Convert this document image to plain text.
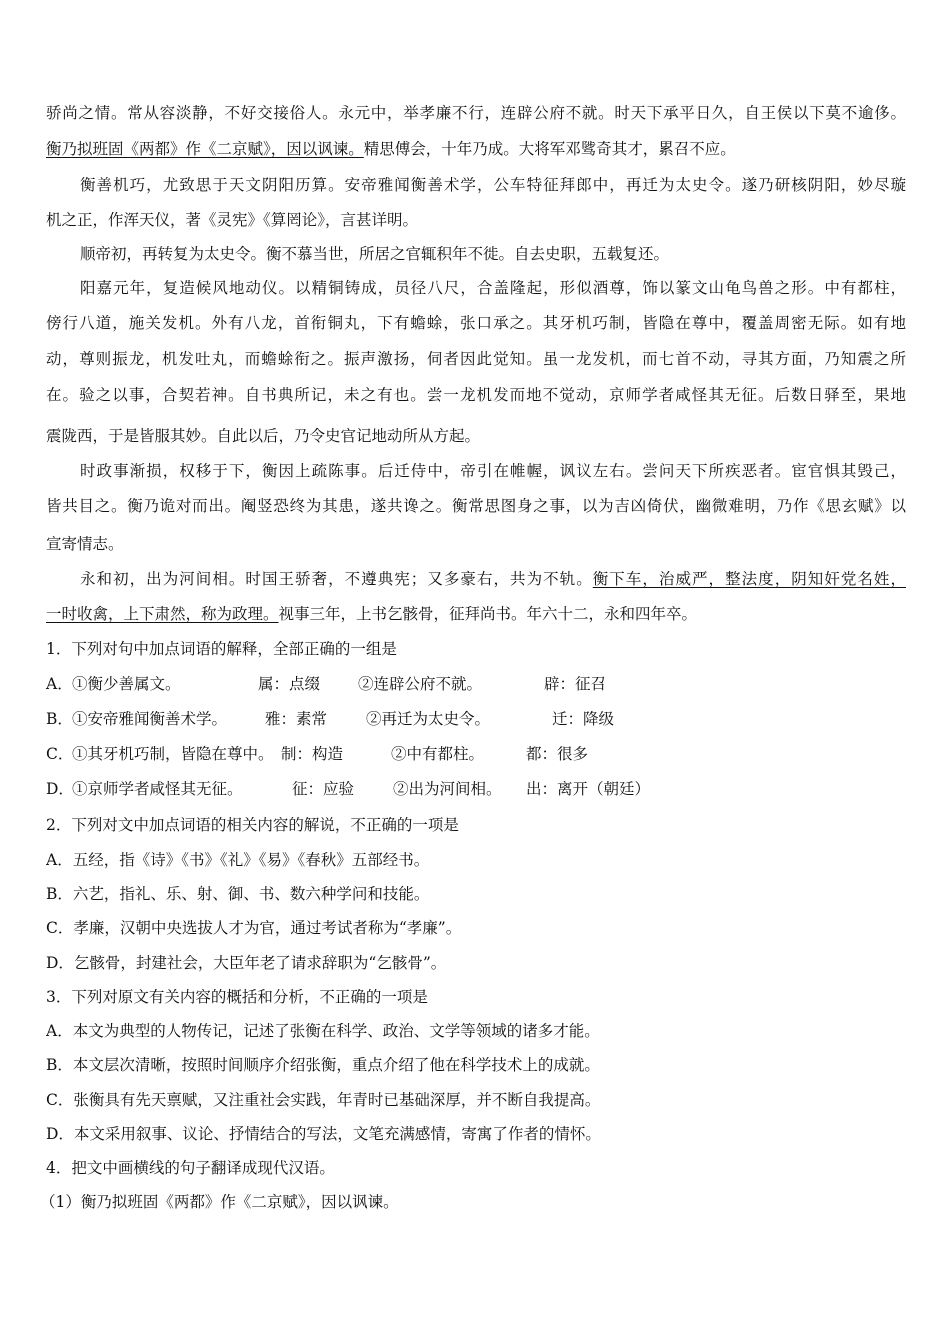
骄尚之情。常从容淡静，不好交接俗人。永元中，举孝廉不行，连辟公府不就。时天下承平日久，自王侯以下莫不逾侈。
衡乃拟班固《两都》作《二京赋》，因以讽谏。精思傅会，十年乃成。大将军邓骘奇其才，累召不应。
衡善机巧，尤致思于天文阴阳历算。安帝雅闻衡善术学，公车特征拜郎中，再迁为太史令。遂乃研核阴阳，妙尽璇
机之正，作浑天仪，著《灵宪》《算罔论》，言甚详明。
顺帝初，再转复为太史令。衡不慕当世，所居之官辄积年不徙。自去史职，五载复还。
阳嘉元年，复造候风地动仪。以精铜铸成，员径八尺，合盖隆起，形似酒尊，饰以篆文山龟鸟兽之形。中有都柱，
傍行八道，施关发机。外有八龙，首衔铜丸，下有蟾蜍，张口承之。其牙机巧制，皆隐在尊中，覆盖周密无际。如有地
动，尊则振龙，机发吐丸，而蟾蜍衔之。振声激扬，伺者因此觉知。虽一龙发机，而七首不动，寻其方面，乃知震之所
在。验之以事，合契若神。自书典所记，未之有也。尝一龙机发而地不觉动，京师学者咸怪其无征。后数日驿至，果地
震陇西，于是皆服其妙。自此以后，乃令史官记地动所从方起。
时政事渐损，权移于下，衡因上疏陈事。后迁侍中，帝引在帷幄，讽议左右。尝问天下所疾恶者。宦官惧其毁己，
皆共目之。衡乃诡对而出。阉竖恐终为其患，遂共谗之。衡常思图身之事，以为吉凶倚伏，幽微难明，乃作《思玄赋》以
宣寄情志。
永和初，出为河间相。时国王骄奢，不遵典宪；又多豪右，共为不轨。衡下车，治威严，整法度，阴知奸党名姓，
一时收禽，上下肃然，称为政理。视事三年，上书乞骸骨，征拜尚书。年六十二，永和四年卒。
1．下列对句中加点词语的解释，全部正确的一组是
A． ①衡少善属文。	属：点缀 ②连辟公府不就。	辟：征召
B． ①安帝雅闻衡善术学。 雅：素常	②再迁为太史令。	迁：降级
C．
①其牙机巧制，皆隐在尊中。 制：构造	②中有都柱。	都：很多
D．
①京师学者咸怪其无征。	征：应验	②出为河间相。 出：离开（朝廷）
2．下列对文中加点词语的相关内容的解说，不正确的一项是
A．五经，指《诗》《书》《礼》《易》《春秋》五部经书。
B．六艺，指礼、乐、射、御、书、数六种学问和技能。
C．孝廉，汉朝中央选拔人才为官，通过考试者称为“孝廉”。
D．乞骸骨，封建社会，大臣年老了请求辞职为“乞骸骨”。
3．下列对原文有关内容的概括和分析，不正确的一项是
A．本文为典型的人物传记，记述了张衡在科学、政治、文学等领域的诸多才能。
B．本文层次清晰，按照时间顺序介绍张衡，重点介绍了他在科学技术上的成就。
C．张衡具有先天禀赋，又注重社会实践，年青时已基础深厚，并不断自我提高。
D．本文采用叙事、议论、抒情结合的写法，文笔充满感情，寄寓了作者的情怀。
4．把文中画横线的句子翻译成现代汉语。
（1）衡乃拟班固《两都》作《二京赋》，因以讽谏。
